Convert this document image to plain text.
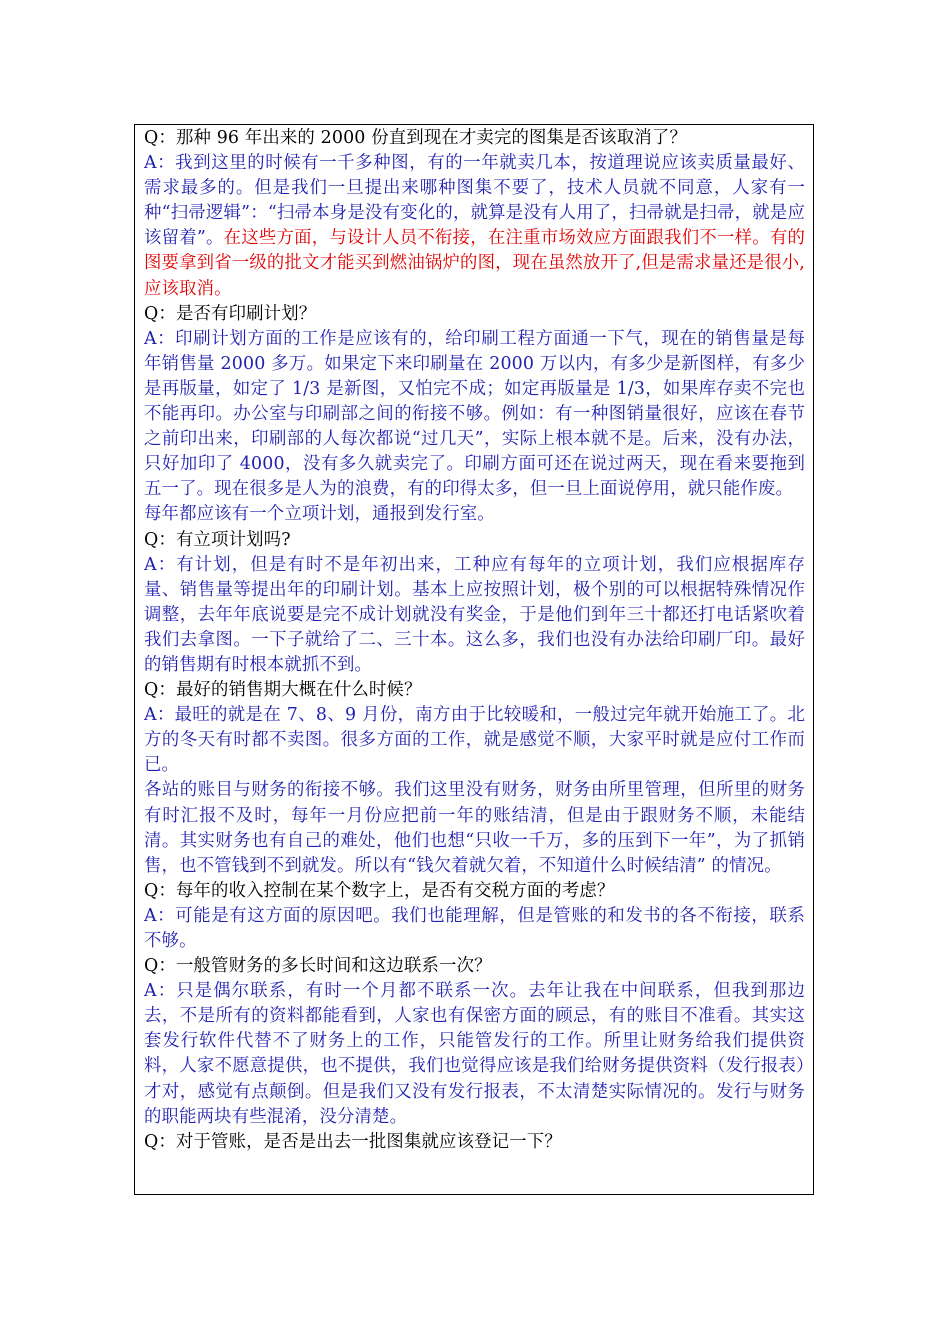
Q：那种 96 年出来的 2000 份直到现在才卖完的图集是否该取消了？

A：我到这里的时候有一千多种图，有的一年就卖几本，按道理说应该卖质量最好、需求最多的。但是我们一旦提出来哪种图集不要了，技术人员就不同意，人家有一种“扫帚逻辑”：“扫帚本身是没有变化的，就算是没有人用了，扫帚就是扫帚，就是应该留着”。在这些方面，与设计人员不衔接，在注重市场效应方面跟我们不一样。有的图要拿到省一级的批文才能买到燃油锅炉的图，现在虽然放开了,但是需求量还是很小,应该取消。

Q：是否有印刷计划？

A：印刷计划方面的工作是应该有的，给印刷工程方面通一下气，现在的销售量是每年销售量 2000 多万。如果定下来印刷量在 2000 万以内，有多少是新图样，有多少是再版量，如定了 1/3 是新图，又怕完不成；如定再版量是 1/3，如果库存卖不完也不能再印。办公室与印刷部之间的衔接不够。例如：有一种图销量很好，应该在春节之前印出来，印刷部的人每次都说“过几天”，实际上根本就不是。后来，没有办法，只好加印了 4000，没有多久就卖完了。印刷方面可还在说过两天，现在看来要拖到五一了。现在很多是人为的浪费，有的印得太多，但一旦上面说停用，就只能作废。

每年都应该有一个立项计划，通报到发行室。

Q：有立项计划吗?

A：有计划，但是有时不是年初出来，工种应有每年的立项计划，我们应根据库存量、销售量等提出年的印刷计划。基本上应按照计划，极个别的可以根据特殊情况作调整，去年年底说要是完不成计划就没有奖金，于是他们到年三十都还打电话紧吹着我们去拿图。一下子就给了二、三十本。这么多，我们也没有办法给印刷厂印。最好的销售期有时根本就抓不到。

Q：最好的销售期大概在什么时候？

A：最旺的就是在 7、8、9 月份，南方由于比较暖和，一般过完年就开始施工了。北方的冬天有时都不卖图。很多方面的工作，就是感觉不顺，大家平时就是应付工作而已。

各站的账目与财务的衔接不够。我们这里没有财务，财务由所里管理，但所里的财务有时汇报不及时，每年一月份应把前一年的账结清，但是由于跟财务不顺，未能结清。其实财务也有自己的难处，他们也想“只收一千万，多的压到下一年”，为了抓销售，也不管钱到不到就发。所以有“钱欠着就欠着，不知道什么时候结清” 的情况。

Q：每年的收入控制在某个数字上，是否有交税方面的考虑？

A：可能是有这方面的原因吧。我们也能理解，但是管账的和发书的各不衔接，联系不够。

Q：一般管财务的多长时间和这边联系一次？

A：只是偶尔联系，有时一个月都不联系一次。去年让我在中间联系，但我到那边去，不是所有的资料都能看到，人家也有保密方面的顾忌，有的账目不准看。其实这套发行软件代替不了财务上的工作，只能管发行的工作。所里让财务给我们提供资料，人家不愿意提供，也不提供，我们也觉得应该是我们给财务提供资料（发行报表）才对，感觉有点颠倒。但是我们又没有发行报表，不太清楚实际情况的。发行与财务的职能两块有些混淆，没分清楚。

Q：对于管账，是否是出去一批图集就应该登记一下？
